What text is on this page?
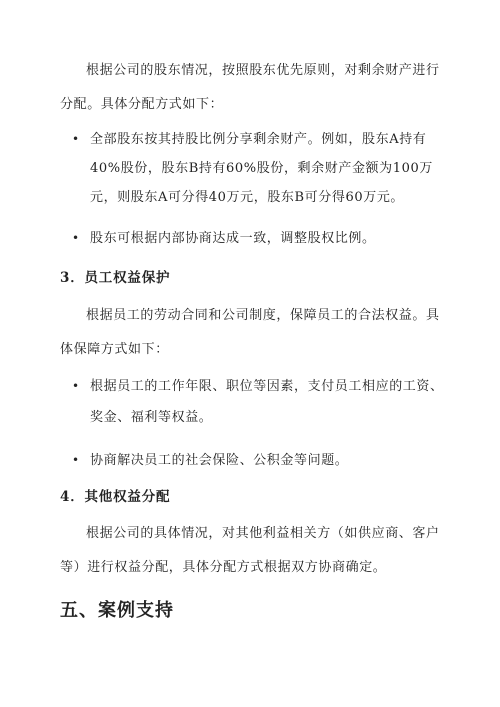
根据公司的股东情况，按照股东优先原则，对剩余财产进行分配。具体分配方式如下：

• 全部股东按其持股比例分享剩余财产。例如，股东A持有40%股份，股东B持有60%股份，剩余财产金额为100万元，则股东A可分得40万元，股东B可分得60万元。
• 股东可根据内部协商达成一致，调整股权比例。
3．员工权益保护

根据员工的劳动合同和公司制度，保障员工的合法权益。具体保障方式如下：

• 根据员工的工作年限、职位等因素，支付员工相应的工资、奖金、福利等权益。
• 协商解决员工的社会保险、公积金等问题。
4．其他权益分配

根据公司的具体情况，对其他利益相关方（如供应商、客户等）进行权益分配，具体分配方式根据双方协商确定。

五、案例支持
